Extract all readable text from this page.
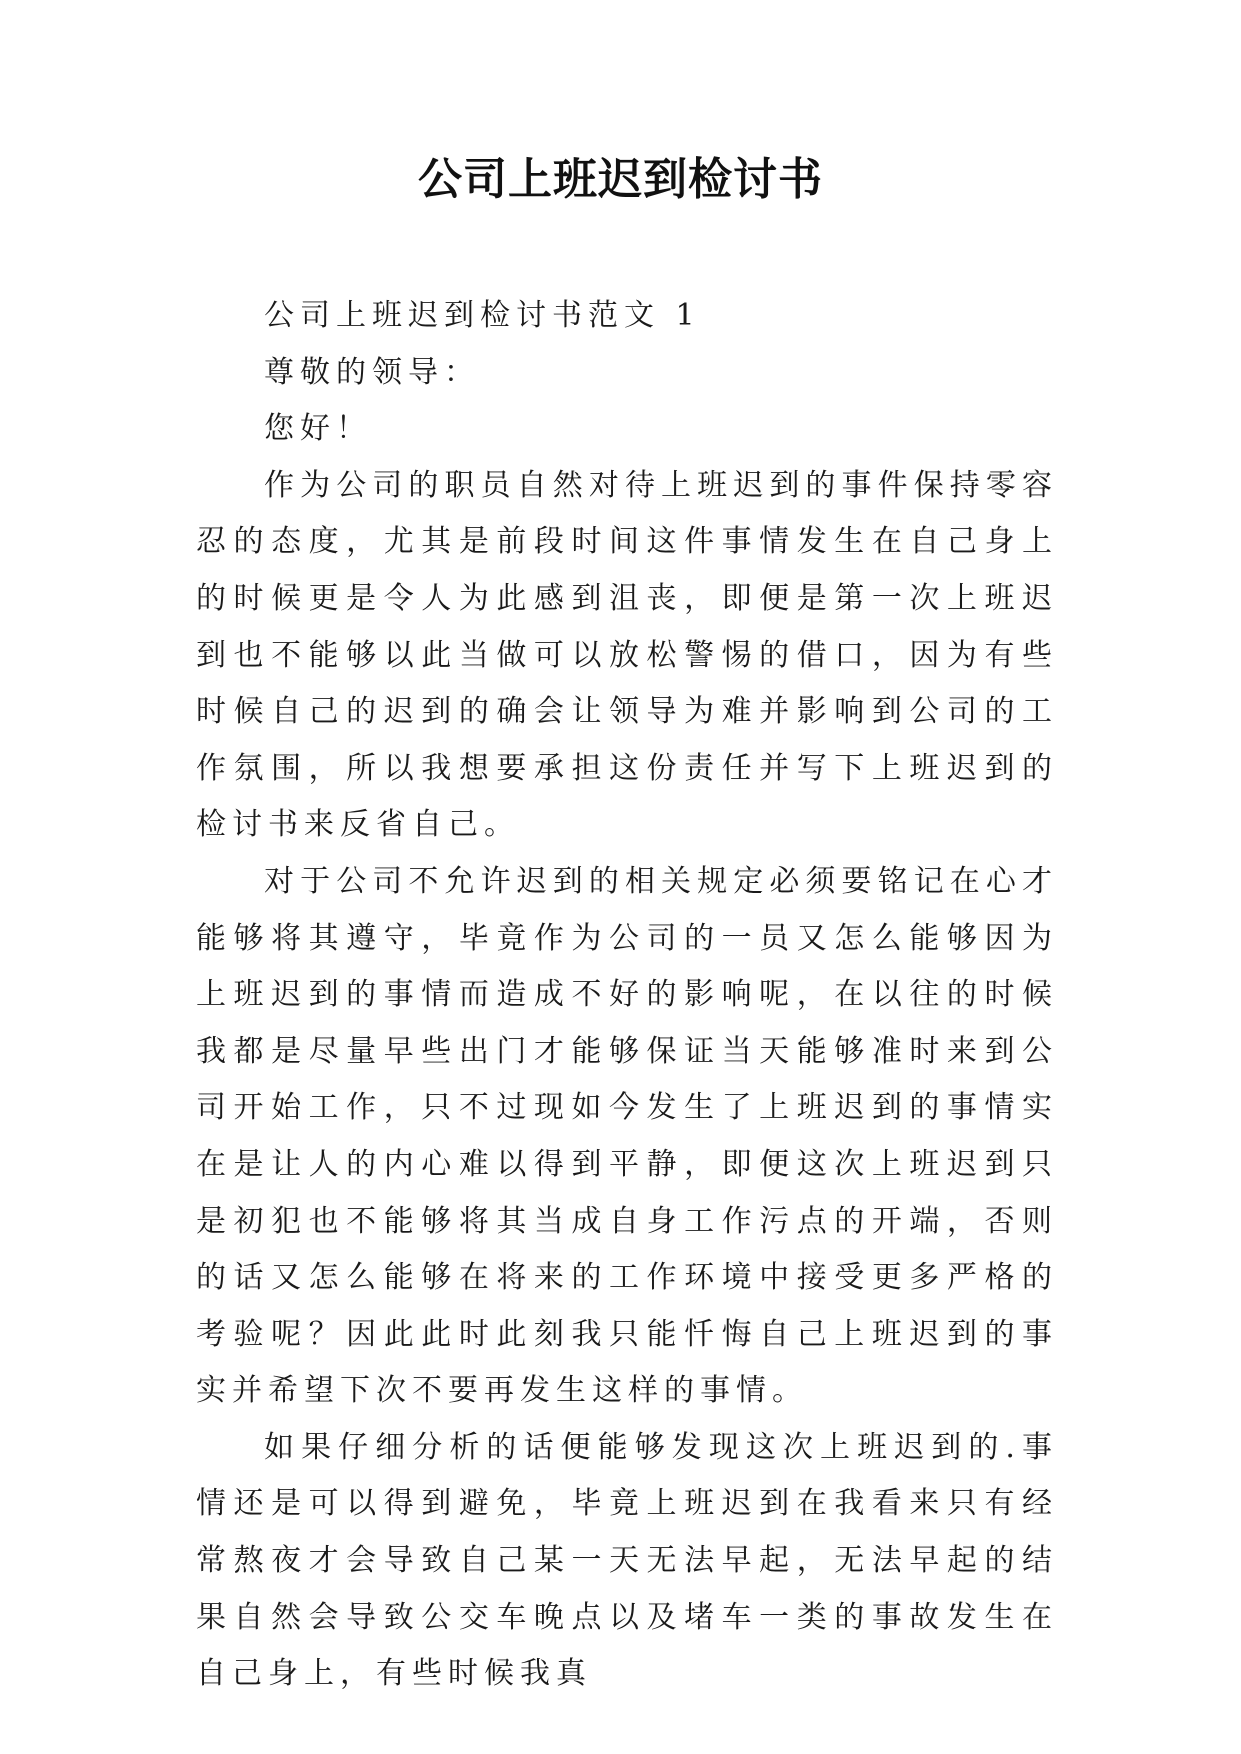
公司上班迟到检讨书

公司上班迟到检讨书范文 1

尊敬的领导：

您好！

作为公司的职员自然对待上班迟到的事件保持零容忍的态度，尤其是前段时间这件事情发生在自己身上的时候更是令人为此感到沮丧，即便是第一次上班迟到也不能够以此当做可以放松警惕的借口，因为有些时候自己的迟到的确会让领导为难并影响到公司的工作氛围，所以我想要承担这份责任并写下上班迟到的检讨书来反省自己。

对于公司不允许迟到的相关规定必须要铭记在心才能够将其遵守，毕竟作为公司的一员又怎么能够因为上班迟到的事情而造成不好的影响呢，在以往的时候我都是尽量早些出门才能够保证当天能够准时来到公司开始工作，只不过现如今发生了上班迟到的事情实在是让人的内心难以得到平静，即便这次上班迟到只是初犯也不能够将其当成自身工作污点的开端，否则的话又怎么能够在将来的工作环境中接受更多严格的考验呢？因此此时此刻我只能忏悔自己上班迟到的事实并希望下次不要再发生这样的事情。

如果仔细分析的话便能够发现这次上班迟到的.事情还是可以得到避免，毕竟上班迟到在我看来只有经常熬夜才会导致自己某一天无法早起，无法早起的结果自然会导致公交车晚点以及堵车一类的事故发生在自己身上，有些时候我真
